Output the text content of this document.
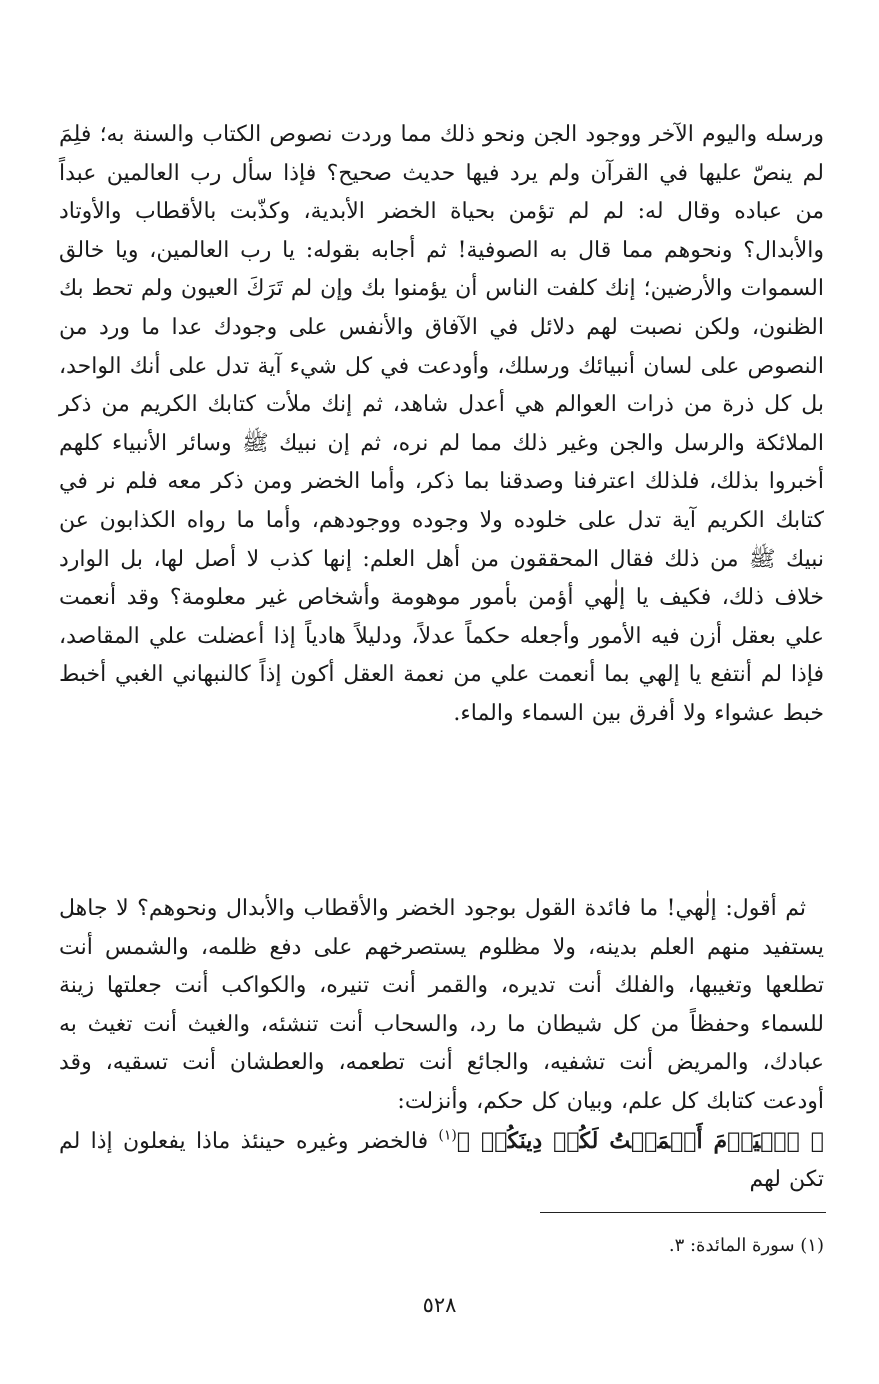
ورسله واليوم الآخر ووجود الجن ونحو ذلك مما وردت نصوص الكتاب والسنة به؛ فلِمَ لم ينصّ عليها في القرآن ولم يرد فيها حديث صحيح؟ فإذا سأل رب العالمين عبداً من عباده وقال له: لم لم تؤمن بحياة الخضر الأبدية، وكذّبت بالأقطاب والأوتاد والأبدال؟ ونحوهم مما قال به الصوفية! ثم أجابه بقوله: يا رب العالمين، ويا خالق السموات والأرضين؛ إنك كلفت الناس أن يؤمنوا بك وإن لم تَرَكَ العيون ولم تحط بك الظنون، ولكن نصبت لهم دلائل في الآفاق والأنفس على وجودك عدا ما ورد من النصوص على لسان أنبيائك ورسلك، وأودعت في كل شيء آية تدل على أنك الواحد، بل كل ذرة من ذرات العوالم هي أعدل شاهد، ثم إنك ملأت كتابك الكريم من ذكر الملائكة والرسل والجن وغير ذلك مما لم نره، ثم إن نبيك ﷺ وسائر الأنبياء كلهم أخبروا بذلك، فلذلك اعترفنا وصدقنا بما ذكر، وأما الخضر ومن ذكر معه فلم نر في كتابك الكريم آية تدل على خلوده ولا وجوده ووجودهم، وأما ما رواه الكذابون عن نبيك ﷺ من ذلك فقال المحققون من أهل العلم: إنها كذب لا أصل لها، بل الوارد خلاف ذلك، فكيف يا إلٰهي أؤمن بأمور موهومة وأشخاص غير معلومة؟ وقد أنعمت علي بعقل أزن فيه الأمور وأجعله حكماً عدلاً، ودليلاً هادياً إذا أعضلت علي المقاصد، فإذا لم أنتفع يا إلهي بما أنعمت علي من نعمة العقل أكون إذاً كالنبهاني الغبي أخبط خبط عشواء ولا أفرق بين السماء والماء.

ثم أقول: إلٰهي! ما فائدة القول بوجود الخضر والأقطاب والأبدال ونحوهم؟ لا جاهل يستفيد منهم العلم بدينه، ولا مظلوم يستصرخهم على دفع ظلمه، والشمس أنت تطلعها وتغيبها، والفلك أنت تديره، والقمر أنت تنيره، والكواكب أنت جعلتها زينة للسماء وحفظاً من كل شيطان ما رد، والسحاب أنت تنشئه، والغيث أنت تغيث به عبادك، والمريض أنت تشفيه، والجائع أنت تطعمه، والعطشان أنت تسقيه، وقد أودعت كتابك كل علم، وبيان كل حكم، وأنزلت:
﴿ ٱلۡيَوۡمَ أَكۡمَلۡتُ لَكُمۡ دِينَكُمۡ ﴾$^{(١)}$ فالخضر وغيره حينئذ ماذا يفعلون إذا لم تكن لهم

(١) سورة المائدة: ٣.
٥٢٨
